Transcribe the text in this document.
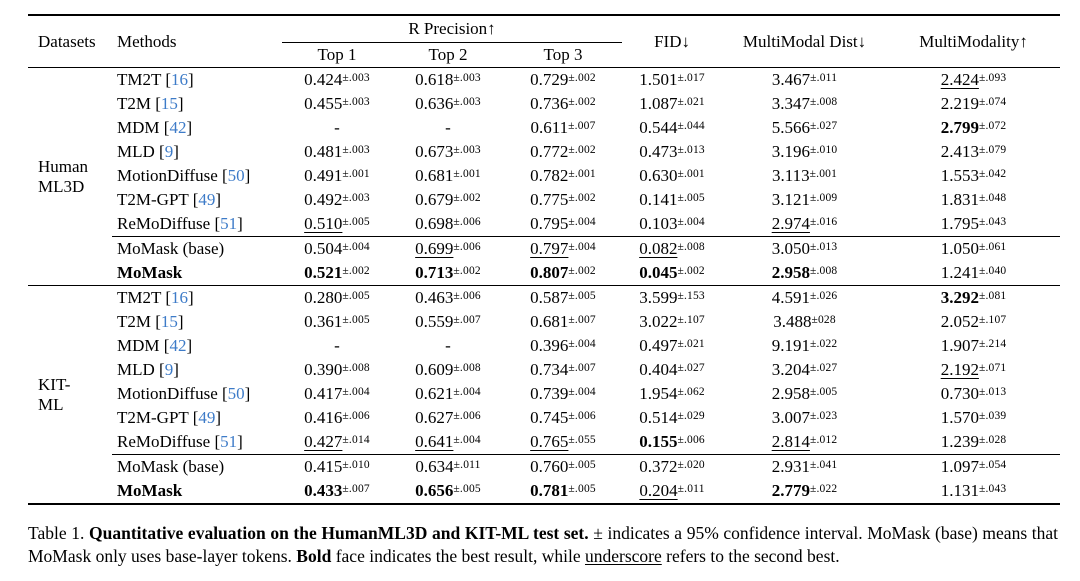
Datasets	Methods	R Precision↑			FID↓	MultiModal Dist↓	MultiModality↑
		Top 1	Top 2	Top 3			

Human
ML3D	TM2T [16]	$0.424^{\pm.003}$	$0.618^{\pm.003}$	$0.729^{\pm.002}$	$1.501^{\pm.017}$	$3.467^{\pm.011}$	$2.424^{\pm.093}$
	T2M [15]	$0.455^{\pm.003}$	$0.636^{\pm.003}$	$0.736^{\pm.002}$	$1.087^{\pm.021}$	$3.347^{\pm.008}$	$2.219^{\pm.074}$
	MDM [42]	-	-	$0.611^{\pm.007}$	$0.544^{\pm.044}$	$5.566^{\pm.027}$	$2.799^{\pm.072}$
	MLD [9]	$0.481^{\pm.003}$	$0.673^{\pm.003}$	$0.772^{\pm.002}$	$0.473^{\pm.013}$	$3.196^{\pm.010}$	$2.413^{\pm.079}$
	MotionDiffuse [50]	$0.491^{\pm.001}$	$0.681^{\pm.001}$	$0.782^{\pm.001}$	$0.630^{\pm.001}$	$3.113^{\pm.001}$	$1.553^{\pm.042}$
	T2M-GPT [49]	$0.492^{\pm.003}$	$0.679^{\pm.002}$	$0.775^{\pm.002}$	$0.141^{\pm.005}$	$3.121^{\pm.009}$	$1.831^{\pm.048}$
	ReMoDiffuse [51]	$0.510^{\pm.005}$	$0.698^{\pm.006}$	$0.795^{\pm.004}$	$0.103^{\pm.004}$	$2.974^{\pm.016}$	$1.795^{\pm.043}$
	MoMask (base)	$0.504^{\pm.004}$	$0.699^{\pm.006}$	$0.797^{\pm.004}$	$0.082^{\pm.008}$	$3.050^{\pm.013}$	$1.050^{\pm.061}$
	MoMask	$0.521^{\pm.002}$	$0.713^{\pm.002}$	$0.807^{\pm.002}$	$0.045^{\pm.002}$	$2.958^{\pm.008}$	$1.241^{\pm.040}$

KIT-
ML	TM2T [16]	$0.280^{\pm.005}$	$0.463^{\pm.006}$	$0.587^{\pm.005}$	$3.599^{\pm.153}$	$4.591^{\pm.026}$	$3.292^{\pm.081}$
	T2M [15]	$0.361^{\pm.005}$	$0.559^{\pm.007}$	$0.681^{\pm.007}$	$3.022^{\pm.107}$	$3.488^{\pm 028}$	$2.052^{\pm.107}$
	MDM [42]	-	-	$0.396^{\pm.004}$	$0.497^{\pm.021}$	$9.191^{\pm.022}$	$1.907^{\pm.214}$
	MLD [9]	$0.390^{\pm.008}$	$0.609^{\pm.008}$	$0.734^{\pm.007}$	$0.404^{\pm.027}$	$3.204^{\pm.027}$	$2.192^{\pm.071}$
	MotionDiffuse [50]	$0.417^{\pm.004}$	$0.621^{\pm.004}$	$0.739^{\pm.004}$	$1.954^{\pm.062}$	$2.958^{\pm.005}$	$0.730^{\pm.013}$
	T2M-GPT [49]	$0.416^{\pm.006}$	$0.627^{\pm.006}$	$0.745^{\pm.006}$	$0.514^{\pm.029}$	$3.007^{\pm.023}$	$1.570^{\pm.039}$
	ReMoDiffuse [51]	$0.427^{\pm.014}$	$0.641^{\pm.004}$	$0.765^{\pm.055}$	$0.155^{\pm.006}$	$2.814^{\pm.012}$	$1.239^{\pm.028}$
	MoMask (base)	$0.415^{\pm.010}$	$0.634^{\pm.011}$	$0.760^{\pm.005}$	$0.372^{\pm.020}$	$2.931^{\pm.041}$	$1.097^{\pm.054}$
	MoMask	$0.433^{\pm.007}$	$0.656^{\pm.005}$	$0.781^{\pm.005}$	$0.204^{\pm.011}$	$2.779^{\pm.022}$	$1.131^{\pm.043}$

Table 1. Quantitative evaluation on the HumanML3D and KIT-ML test set. ± indicates a 95% confidence interval. MoMask (base) means that MoMask only uses base-layer tokens. Bold face indicates the best result, while underscore refers to the second best.
